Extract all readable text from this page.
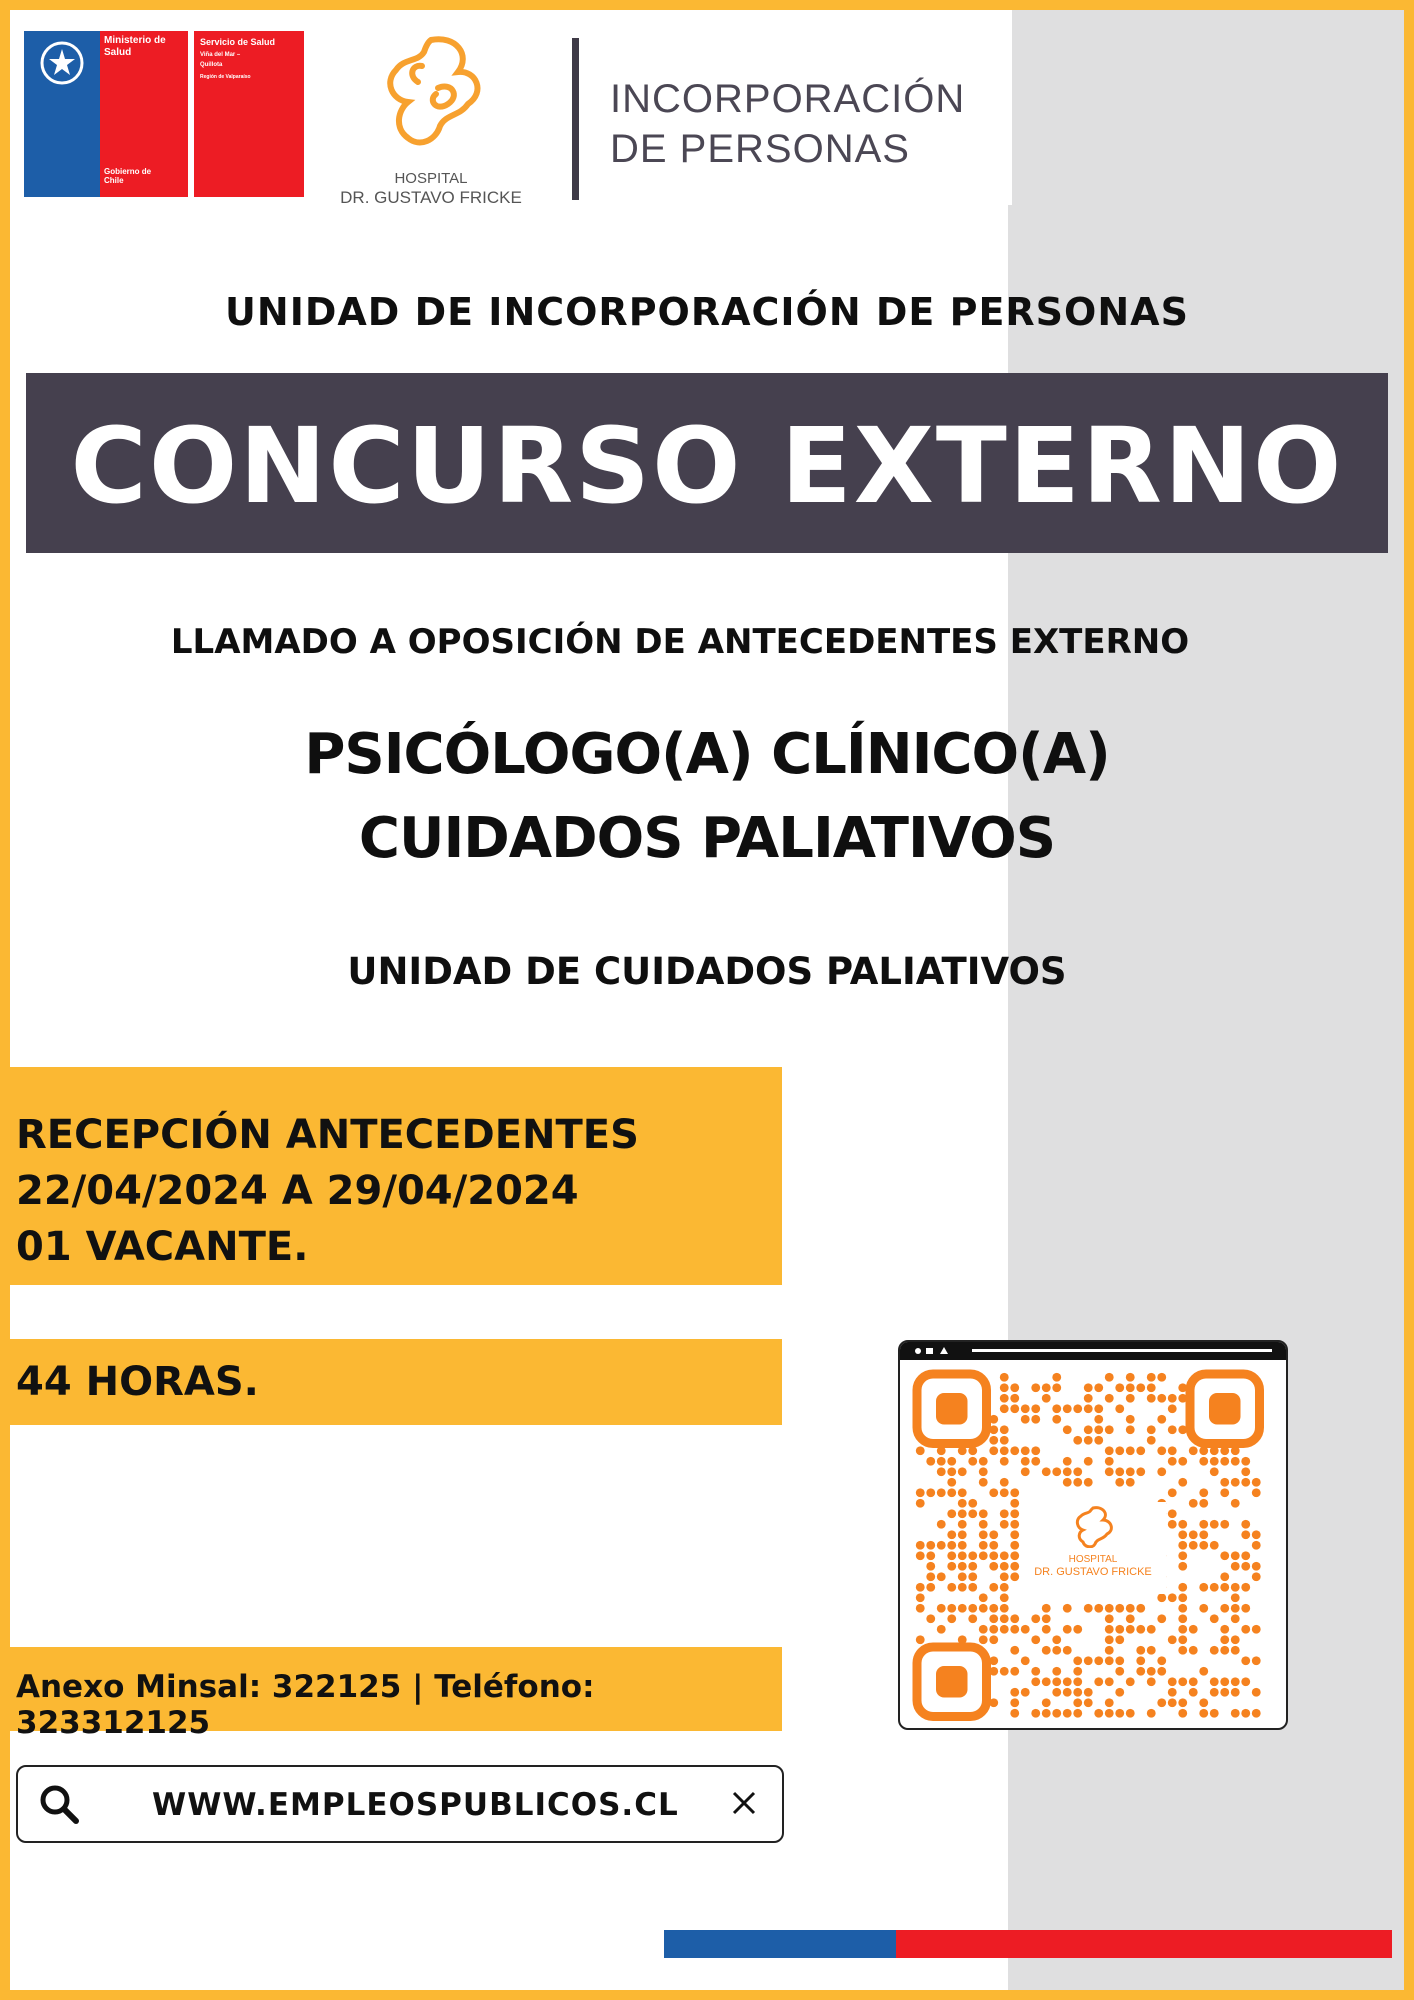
Ministerio de Salud
Gobierno de Chile
Servicio de Salud
Viña del Mar –
Quillota
Región de Valparaíso
HOSPITAL
DR. GUSTAVO FRICKE
INCORPORACIÓN
DE PERSONAS
UNIDAD DE INCORPORACIÓN DE PERSONAS
CONCURSO EXTERNO
LLAMADO A OPOSICIÓN DE ANTECEDENTES EXTERNO
PSICÓLOGO(A) CLÍNICO(A)
CUIDADOS PALIATIVOS
UNIDAD DE CUIDADOS PALIATIVOS
RECEPCIÓN ANTECEDENTES
22/04/2024 A 29/04/2024
01 VACANTE.
44 HORAS.
Anexo Minsal: 322125 | Teléfono: 323312125
WWW.EMPLEOSPUBLICOS.CL
HOSPITAL
DR. GUSTAVO FRICKE
